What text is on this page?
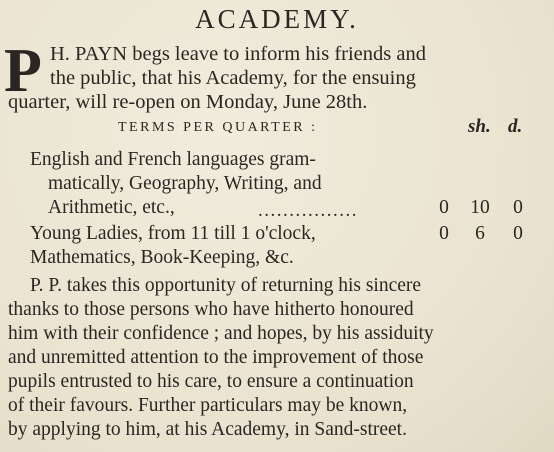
ACADEMY.
P H. PAYN begs leave to inform his friends and
the public, that his Academy, for the ensuing
quarter, will re-open on Monday, June 28th.
TERMS PER QUARTER :	sh. d.
English and French languages gram-
matically, Geography, Writing, and
Arithmetic, etc.,	................	0	10	0
Young Ladies, from 11 till 1 o'clock,	0	6	0
Mathematics, Book-Keeping, &c.
P. P. takes this opportunity of returning his sincere
thanks to those persons who have hitherto honoured
him with their confidence ; and hopes, by his assiduity
and unremitted attention to the improvement of those
pupils entrusted to his care, to ensure a continuation
of their favours. Further particulars may be known,
by applying to him, at his Academy, in Sand-street.
